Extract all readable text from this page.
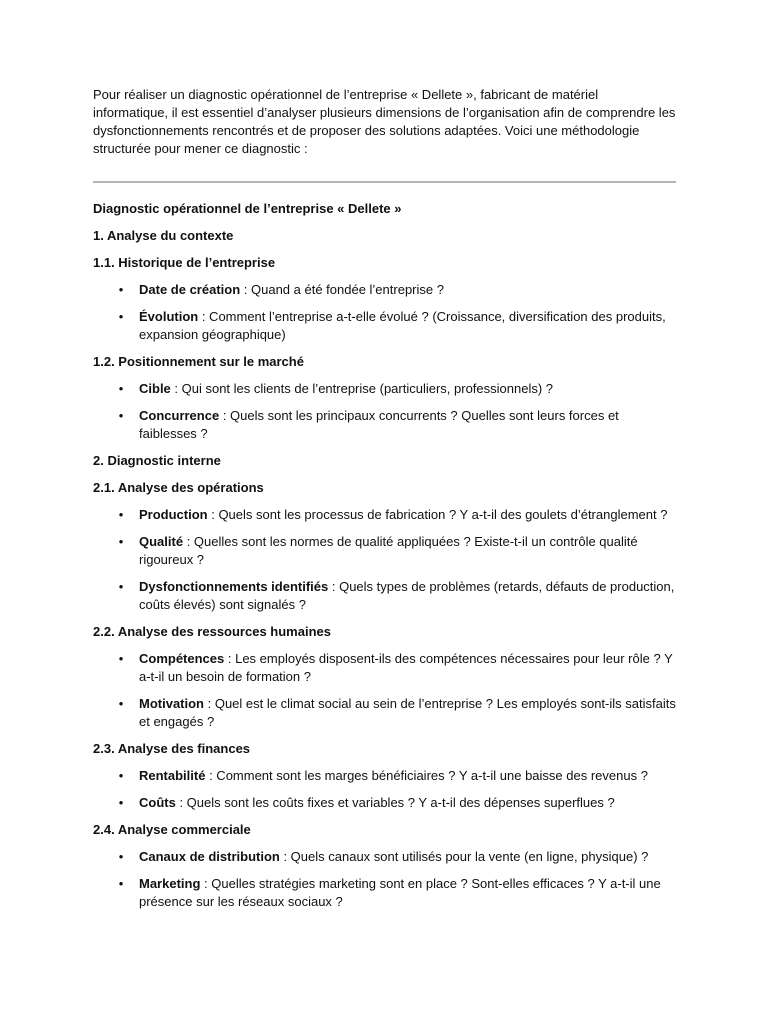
Pour réaliser un diagnostic opérationnel de l’entreprise « Dellete », fabricant de matériel informatique, il est essentiel d’analyser plusieurs dimensions de l’organisation afin de comprendre les dysfonctionnements rencontrés et de proposer des solutions adaptées. Voici une méthodologie structurée pour mener ce diagnostic :

Diagnostic opérationnel de l’entreprise « Dellete »
1. Analyse du contexte
1.1. Historique de l’entreprise
• Date de création : Quand a été fondée l’entreprise ?
• Évolution : Comment l’entreprise a-t-elle évolué ? (Croissance, diversification des produits, expansion géographique)
1.2. Positionnement sur le marché
• Cible : Qui sont les clients de l’entreprise (particuliers, professionnels) ?
• Concurrence : Quels sont les principaux concurrents ? Quelles sont leurs forces et faiblesses ?
2. Diagnostic interne
2.1. Analyse des opérations
• Production : Quels sont les processus de fabrication ? Y a-t-il des goulets d’étranglement ?
• Qualité : Quelles sont les normes de qualité appliquées ? Existe-t-il un contrôle qualité rigoureux ?
• Dysfonctionnements identifiés : Quels types de problèmes (retards, défauts de production, coûts élevés) sont signalés ?
2.2. Analyse des ressources humaines
• Compétences : Les employés disposent-ils des compétences nécessaires pour leur rôle ? Y a-t-il un besoin de formation ?
• Motivation : Quel est le climat social au sein de l’entreprise ? Les employés sont-ils satisfaits et engagés ?
2.3. Analyse des finances
• Rentabilité : Comment sont les marges bénéficiaires ? Y a-t-il une baisse des revenus ?
• Coûts : Quels sont les coûts fixes et variables ? Y a-t-il des dépenses superflues ?
2.4. Analyse commerciale
• Canaux de distribution : Quels canaux sont utilisés pour la vente (en ligne, physique) ?
• Marketing : Quelles stratégies marketing sont en place ? Sont-elles efficaces ? Y a-t-il une présence sur les réseaux sociaux ?
